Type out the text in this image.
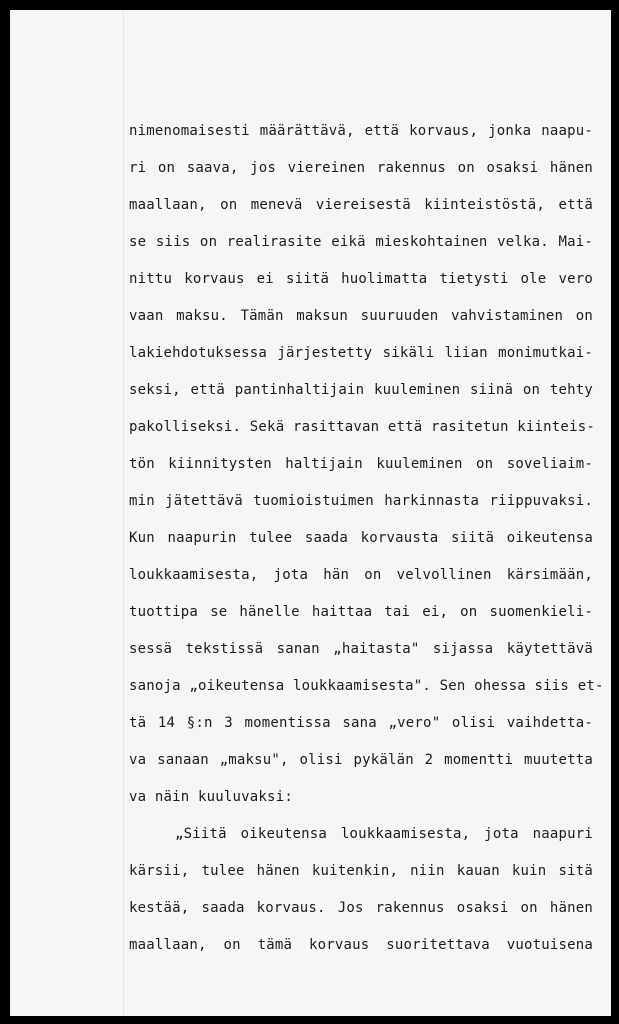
nimenomaisesti määrättävä, että korvaus, jonka naapu-
ri on saava, jos viereinen rakennus on osaksi hänen
maallaan, on menevä viereisestä kiinteistöstä, että
se siis on realirasite eikä mieskohtainen velka. Mai-
nittu korvaus ei siitä huolimatta tietysti ole vero
vaan maksu. Tämän maksun suuruuden vahvistaminen on
lakiehdotuksessa järjestetty sikäli liian monimutkai-
seksi, että pantinhaltijain kuuleminen siinä on tehty
pakolliseksi. Sekä rasittavan että rasitetun kiinteis-
tön kiinnitysten haltijain kuuleminen on soveliaim-
min jätettävä tuomioistuimen harkinnasta riippuvaksi.
Kun naapurin tulee saada korvausta siitä oikeutensa
loukkaamisesta, jota hän on velvollinen kärsimään,
tuottipa se hänelle haittaa tai ei, on suomenkieli-
sessä tekstissä sanan „haitasta" sijassa käytettävä
sanoja „oikeutensa loukkaamisesta". Sen ohessa siis et-
tä 14 §:n 3 momentissa sana „vero" olisi vaihdetta-
va sanaan „maksu", olisi pykälän 2 momentti muutetta
va näin kuuluvaksi:
„Siitä oikeutensa loukkaamisesta, jota naapuri
kärsii, tulee hänen kuitenkin, niin kauan kuin sitä
kestää, saada korvaus. Jos rakennus osaksi on hänen
maallaan, on tämä korvaus suoritettava vuotuisena
